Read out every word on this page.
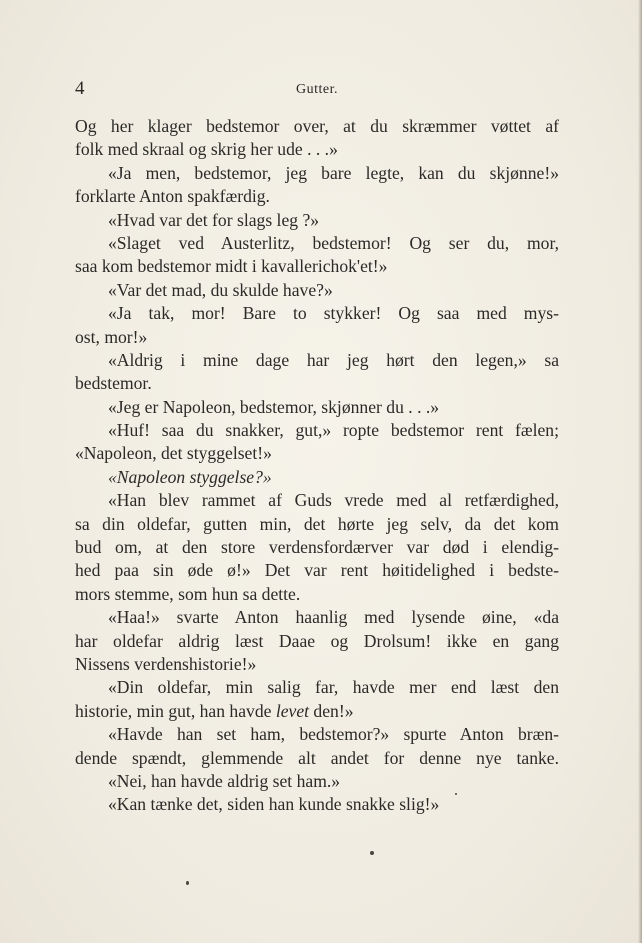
4	Gutter.
Og her klager bedstemor over, at du skræmmer vøttet af
folk med skraal og skrig her ude . . .»
«Ja men, bedstemor, jeg bare legte, kan du skjønne!»
forklarte Anton spakfærdig.
«Hvad var det for slags leg ?»
«Slaget ved Austerlitz, bedstemor! Og ser du, mor,
saa kom bedstemor midt i kavallerichok'et!»
«Var det mad, du skulde have?»
«Ja tak, mor! Bare to stykker! Og saa med mys-
ost, mor!»
«Aldrig i mine dage har jeg hørt den legen,» sa
bedstemor.
«Jeg er Napoleon, bedstemor, skjønner du . . .»
«Huf! saa du snakker, gut,» ropte bedstemor rent fælen;
«Napoleon, det styggelset!»
«Napoleon styggelse?»
«Han blev rammet af Guds vrede med al retfærdighed,
sa din oldefar, gutten min, det hørte jeg selv, da det kom
bud om, at den store verdensfordærver var død i elendig-
hed paa sin øde ø!» Det var rent høitidelighed i bedste-
mors stemme, som hun sa dette.
«Haa!» svarte Anton haanlig med lysende øine, «da
har oldefar aldrig læst Daae og Drolsum! ikke en gang
Nissens verdenshistorie!»
«Din oldefar, min salig far, havde mer end læst den
historie, min gut, han havde levet den!»
«Havde han set ham, bedstemor?» spurte Anton bræn-
dende spændt, glemmende alt andet for denne nye tanke.
«Nei, han havde aldrig set ham.»
«Kan tænke det, siden han kunde snakke slig!»
